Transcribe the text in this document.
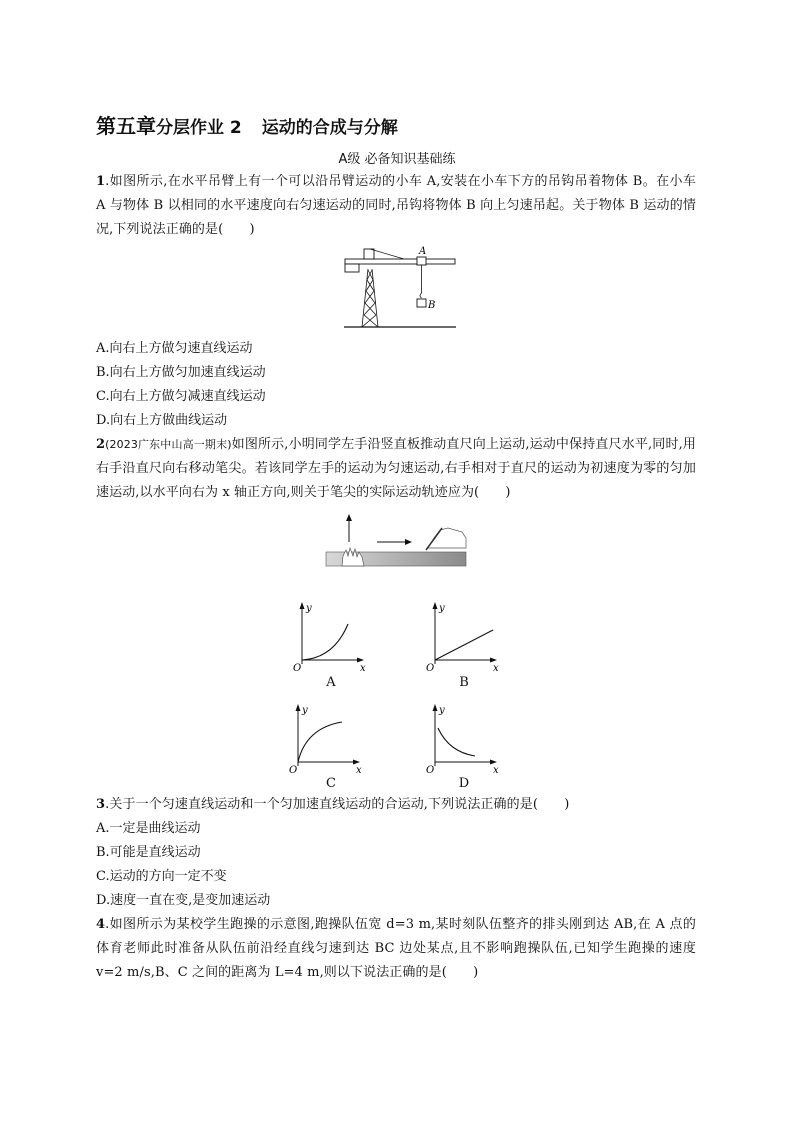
第五章分层作业 2 运动的合成与分解
A级 必备知识基础练
1.如图所示,在水平吊臂上有一个可以沿吊臂运动的小车 A,安装在小车下方的吊钩吊着物体 B。在小车 A 与物体 B 以相同的水平速度向右匀速运动的同时,吊钩将物体 B 向上匀速吊起。关于物体 B 运动的情况,下列说法正确的是(　　)
A
B
A.向右上方做匀速直线运动
B.向右上方做匀加速直线运动
C.向右上方做匀减速直线运动
D.向右上方做曲线运动
2(2023广东中山高一期末)如图所示,小明同学左手沿竖直板推动直尺向上运动,运动中保持直尺水平,同时,用右手沿直尺向右移动笔尖。若该同学左手的运动为匀速运动,右手相对于直尺的运动为初速度为零的匀加速运动,以水平向右为 x 轴正方向,则关于笔尖的实际运动轨迹应为(　　)
y
x
O
A
y
x
O
B
y
x
O
C
y
x
O
D
3.关于一个匀速直线运动和一个匀加速直线运动的合运动,下列说法正确的是(　　)
A.一定是曲线运动
B.可能是直线运动
C.运动的方向一定不变
D.速度一直在变,是变加速运动
4.如图所示为某校学生跑操的示意图,跑操队伍宽 d=3 m,某时刻队伍整齐的排头刚到达 AB,在 A 点的体育老师此时准备从队伍前沿经直线匀速到达 BC 边处某点,且不影响跑操队伍,已知学生跑操的速度 v=2 m/s,B、C 之间的距离为 L=4 m,则以下说法正确的是(　　)
